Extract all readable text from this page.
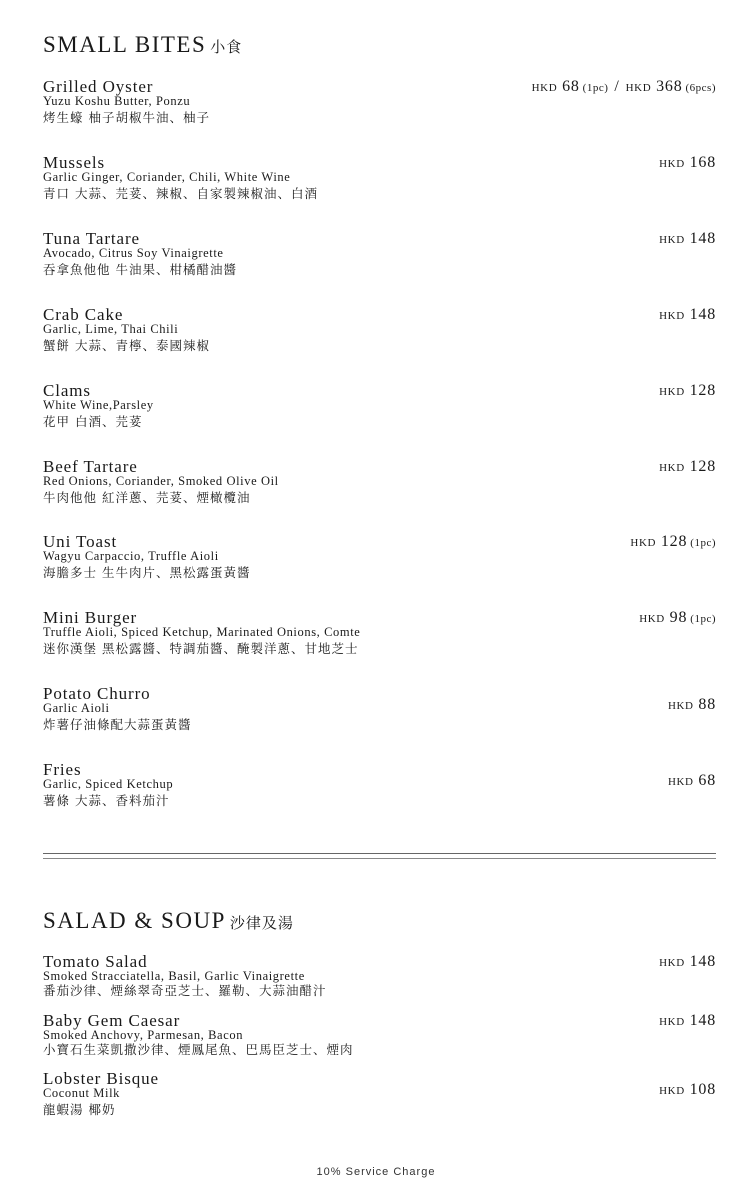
SMALL BITES 小食
Grilled Oyster
Yuzu Koshu Butter, Ponzu
烤生蠔 柚子胡椒牛油、柚子
HKD 68 (1pc) / HKD 368 (6pcs)
Mussels
Garlic Ginger, Coriander, Chili, White Wine
青口 大蒜、芫荽、辣椒、自家製辣椒油、白酒
HKD 168
Tuna Tartare
Avocado, Citrus Soy Vinaigrette
吞拿魚他他 牛油果、柑橘醋油醬
HKD 148
Crab Cake
Garlic, Lime, Thai Chili
蟹餅 大蒜、青檸、泰國辣椒
HKD 148
Clams
White Wine,Parsley
花甲 白酒、芫荽
HKD 128
Beef Tartare
Red Onions, Coriander, Smoked Olive Oil
牛肉他他 紅洋蔥、芫荽、煙橄欖油
HKD 128
Uni Toast
Wagyu Carpaccio, Truffle Aioli
海膽多士 生牛肉片、黑松露蛋黃醬
HKD 128 (1pc)
Mini Burger
Truffle Aioli, Spiced Ketchup, Marinated Onions, Comte
迷你漢堡 黑松露醬、特調茄醬、醃製洋蔥、甘地芝士
HKD 98 (1pc)
Potato Churro
Garlic Aioli
炸薯仔油條配大蒜蛋黃醬
HKD 88
Fries
Garlic, Spiced Ketchup
薯條 大蒜、香料茄汁
HKD 68
SALAD & SOUP 沙律及湯
Tomato Salad
Smoked Stracciatella, Basil, Garlic Vinaigrette
番茄沙律、煙絲翠奇亞芝士、羅勒、大蒜油醋汁
HKD 148
Baby Gem Caesar
Smoked Anchovy, Parmesan, Bacon
小寶石生菜凱撒沙律、煙鳳尾魚、巴馬臣芝士、煙肉
HKD 148
Lobster Bisque
Coconut Milk
龍蝦湯 椰奶
HKD 108
10% Service Charge
